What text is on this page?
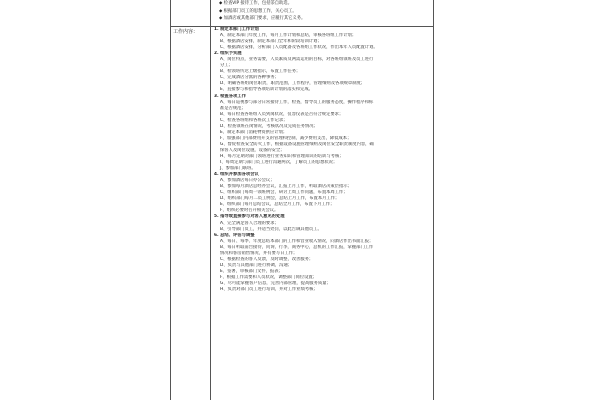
◆ 检查VIP 接待工作，包括茶自助选。
◆ 根据部门员工的思想工作，关心员工。
◆ 加酒店或其他部门要求，应履行其它义务。
工作内容：	1. 制定本部门工作计划
A、制定本部门年度工作，每月工作计划和总结，审核各班组工作计划；
B、根据酒店安排，制定本部门全年和阶段培训计划；
C、根据酒店安排，分析部门人员配备及各班组工作状况，作出本年人员配置计划。
2. 组织予实施
A、岗位特点，业务需要，人员素质及两需运用的目标，对各班组领班及员工进行
分工；
B、检领班传达上级指示，布置工作任务；
C、完成酒店分派的各种事务；
D、明确各班组岗位职责，职责范围，工作程序，管理细则及各项规章制度；
E、直接参与和指导各项培训计划的落实和完成。
3. 检查各项工作
A、每日巡视参与部分日常接待工作，检查，督导员工的服务态度，操作程序和标
准是否规范；
B、每日检查各班组人员到岗状况，仪容仪表是否符合规定要求；
C、检查各班组和各班次工作记录；
D、检查领班在岗情况，考核状况及完成任务情况；
E、制定本部门消耗物资供应计划；
F、加强部门内部费用开支的管理和控制，减少费用支出，降低成本；
G、督促检查安全防火工作，根据设备设施管理细则及岗位安全职责制度内容，确
保客人及岗位设施，设备的安全；
H、每月定期对部门领班进行业务知识和管理知识的培训与考核；
I、每周定期与部门员工进行沟通两次，了解员工的思想状况；
J、参加部门联班。
4. 组织并参加各项会议
A、参加酒店每日办公会议；
B、参加每月酒店总经办会议，汇报上月工作，听取酒店决策层指示；
C、组织部门每周一领班例会，研讨上周工作问题，布置本周工作；
D、组织部门每月二员工例会，总结上月工作，布置本月工作；
E、组织部门每月总结会议，总结全月工作，布置下月工作；
F、组织必要时召开相关会议。
5. 指导或直接参与对客人意见的处理
A、完全满足客人合理的要求；
B、引导部门员工，并适当处罚，以此告诫其他员工。
6. 总结、评估与调整
A、每日、每季、年度总结本部门的工作和营业收入情况，向酒店作出书面汇报；
B、每日听取前台接待，问询，行李，商务中心，总机的工作汇报，掌握部门工作
情况和客房销售情况，并有要写日工作；
C、根据检查的客人反馈，及时调整，改善服务；
D、负责与其他部门进行协调，沟通；
E、签署，审核部门文件，报表；
F、根据工作需要和人员状况，调整部门岗位设置；
G、尽可能掌握客户信息，完善内部管理，提高服务质量；
H、负责对部门员工进行培训，并对工作业绩考核；
